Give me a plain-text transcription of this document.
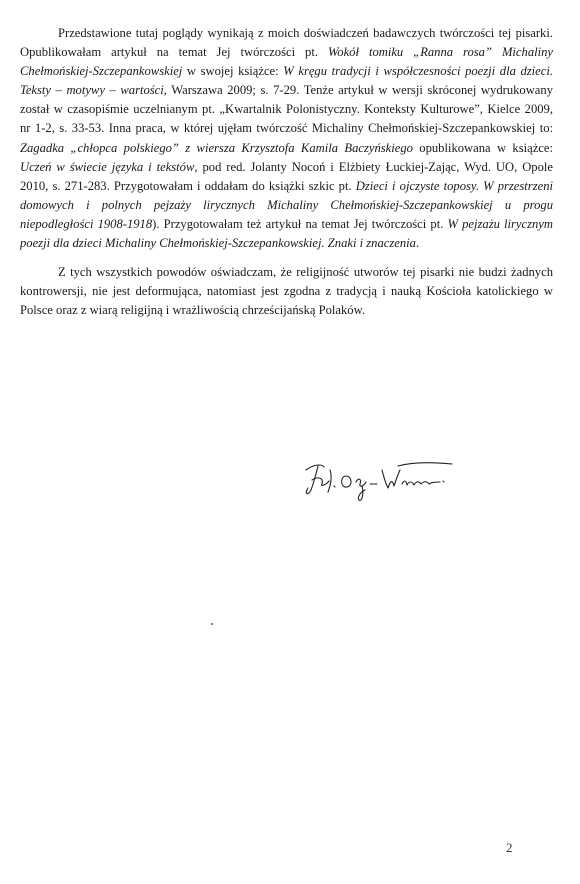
Przedstawione tutaj poglądy wynikają z moich doświadczeń badawczych twórczości tej pisarki. Opublikowałam artykuł na temat Jej twórczości pt. Wokół tomiku „Ranna rosa” Michaliny Chełmońskiej-Szczepankowskiej w swojej książce: W kręgu tradycji i współczesności poezji dla dzieci. Teksty – motywy – wartości, Warszawa 2009; s. 7-29. Tenże artykuł w wersji skróconej wydrukowany został w czasopiśmie uczelnianym pt. „Kwartalnik Polonistyczny. Konteksty Kulturowe”, Kielce 2009, nr 1-2, s. 33-53. Inna praca, w której ujęłam twórczość Michaliny Chełmońskiej-Szczepankowskiej to: Zagadka „chłopca polskiego” z wiersza Krzysztofa Kamila Baczyńskiego opublikowana w książce: Uczeń w świecie języka i tekstów, pod red. Jolanty Nocoń i Elżbiety Łuckiej-Zając, Wyd. UO, Opole 2010, s. 271-283. Przygotowałam i oddałam do książki szkic pt. Dzieci i ojczyste toposy. W przestrzeni domowych i polnych pejzaży lirycznych Michaliny Chełmońskiej-Szczepankowskiej u progu niepodległości 1908-1918). Przygotowałam też artykuł na temat Jej twórczości pt. W pejzażu lirycznym poezji dla dzieci Michaliny Chełmońskiej-Szczepankowskiej. Znaki i znaczenia.

Z tych wszystkich powodów oświadczam, że religijność utworów tej pisarki nie budzi żadnych kontrowersji, nie jest deformująca, natomiast jest zgodna z tradycją i nauką Kościoła katolickiego w Polsce oraz z wiarą religijną i wrażliwością chrześcijańską Polaków.

2
